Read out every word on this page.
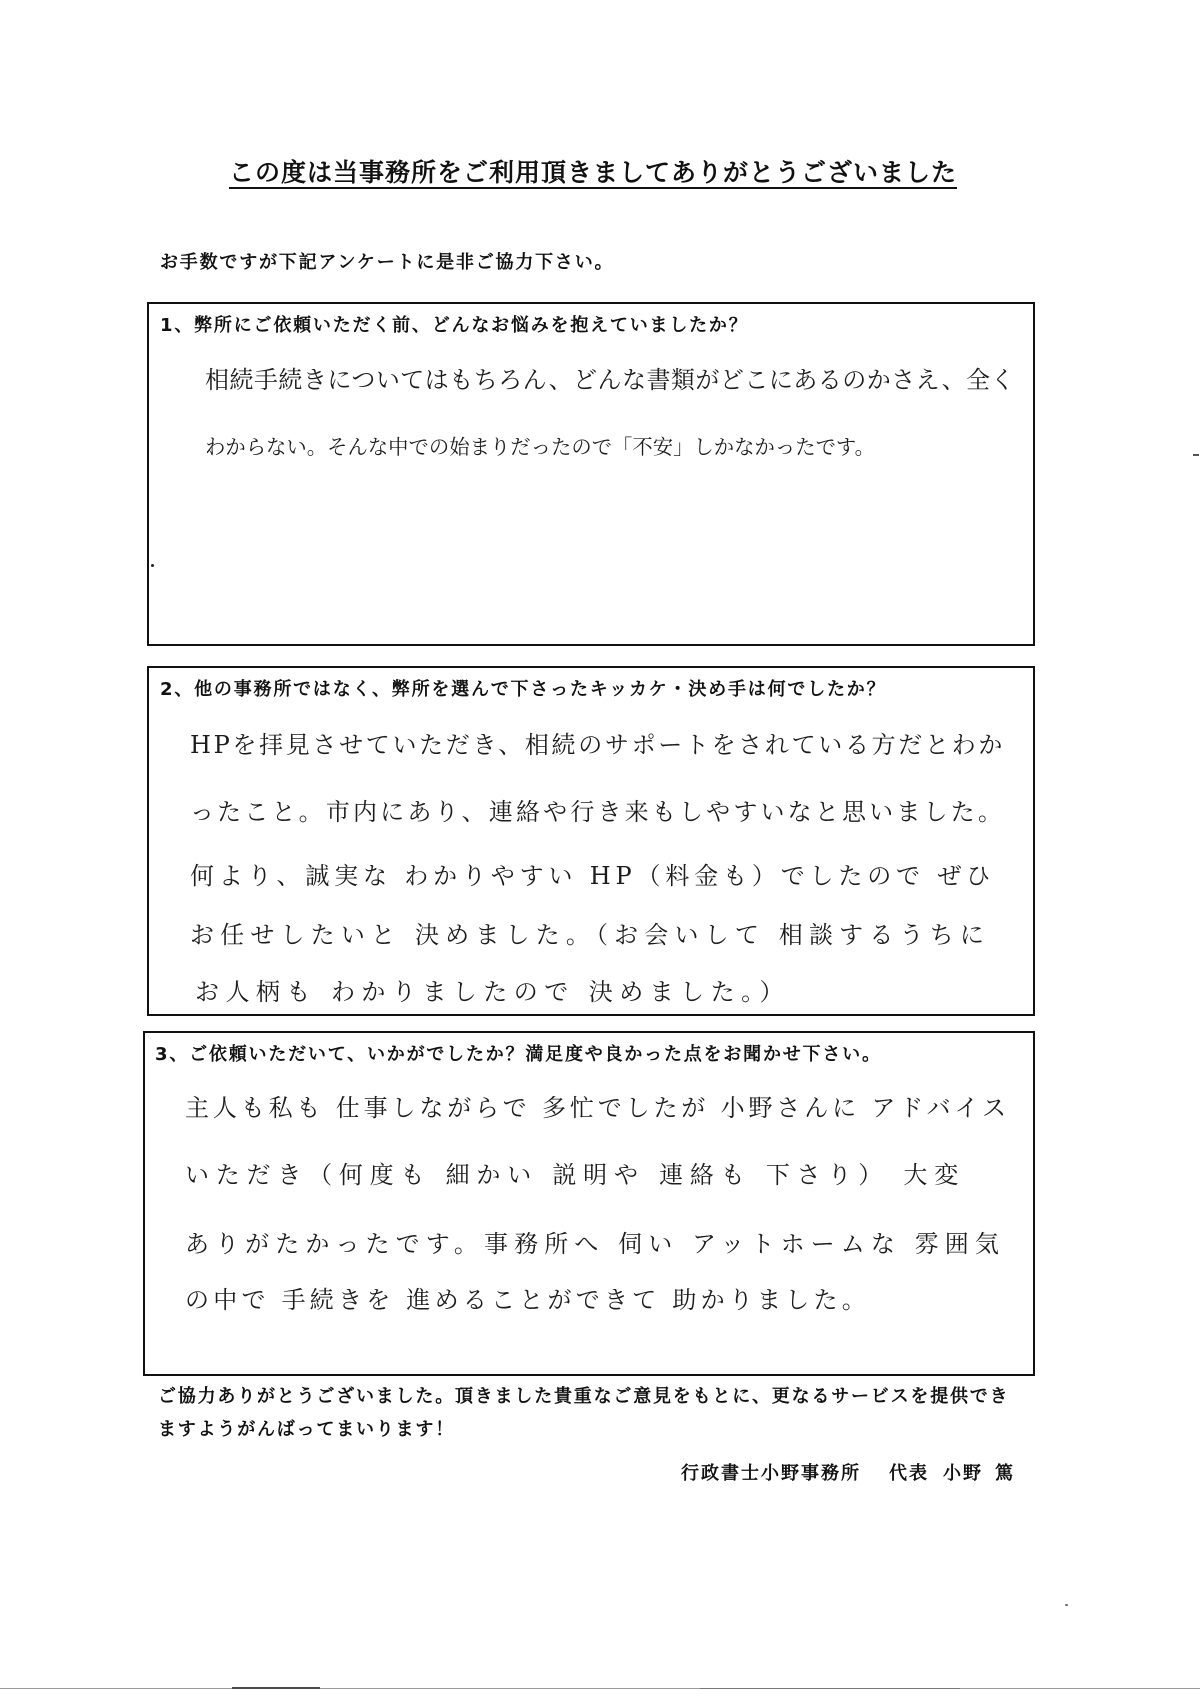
この度は当事務所をご利用頂きましてありがとうございました

お手数ですが下記アンケートに是非ご協力下さい。

1、弊所にご依頼いただく前、どんなお悩みを抱えていましたか？
相続手続きについてはもちろん、どんな書類がどこにあるのかさえ、全く
わからない。そんな中での始まりだったので「不安」しかなかったです。
2、他の事務所ではなく、弊所を選んで下さったキッカケ・決め手は何でしたか？
HPを拝見させていただき、相続のサポートをされている方だとわか
ったこと。市内にあり、連絡や行き来もしやすいなと思いました。
何より、誠実な わかりやすい HP（料金も）でしたので ぜひ
お任せしたいと 決めました。（お会いして 相談するうちに
お人柄も わかりましたので 決めました。）
3、ご依頼いただいて、いかがでしたか？満足度や良かった点をお聞かせ下さい。
主人も私も 仕事しながらで 多忙でしたが 小野さんに アドバイス
いただき（何度も 細かい 説明や 連絡も 下さり） 大変
ありがたかったです。事務所へ 伺い アットホームな 雰囲気
の中で 手続きを 進めることができて 助かりました。
ご協力ありがとうございました。頂きました貴重なご意見をもとに、更なるサービスを提供でき
ますようがんばってまいります！
行政書士小野事務所 代表 小野 篤
